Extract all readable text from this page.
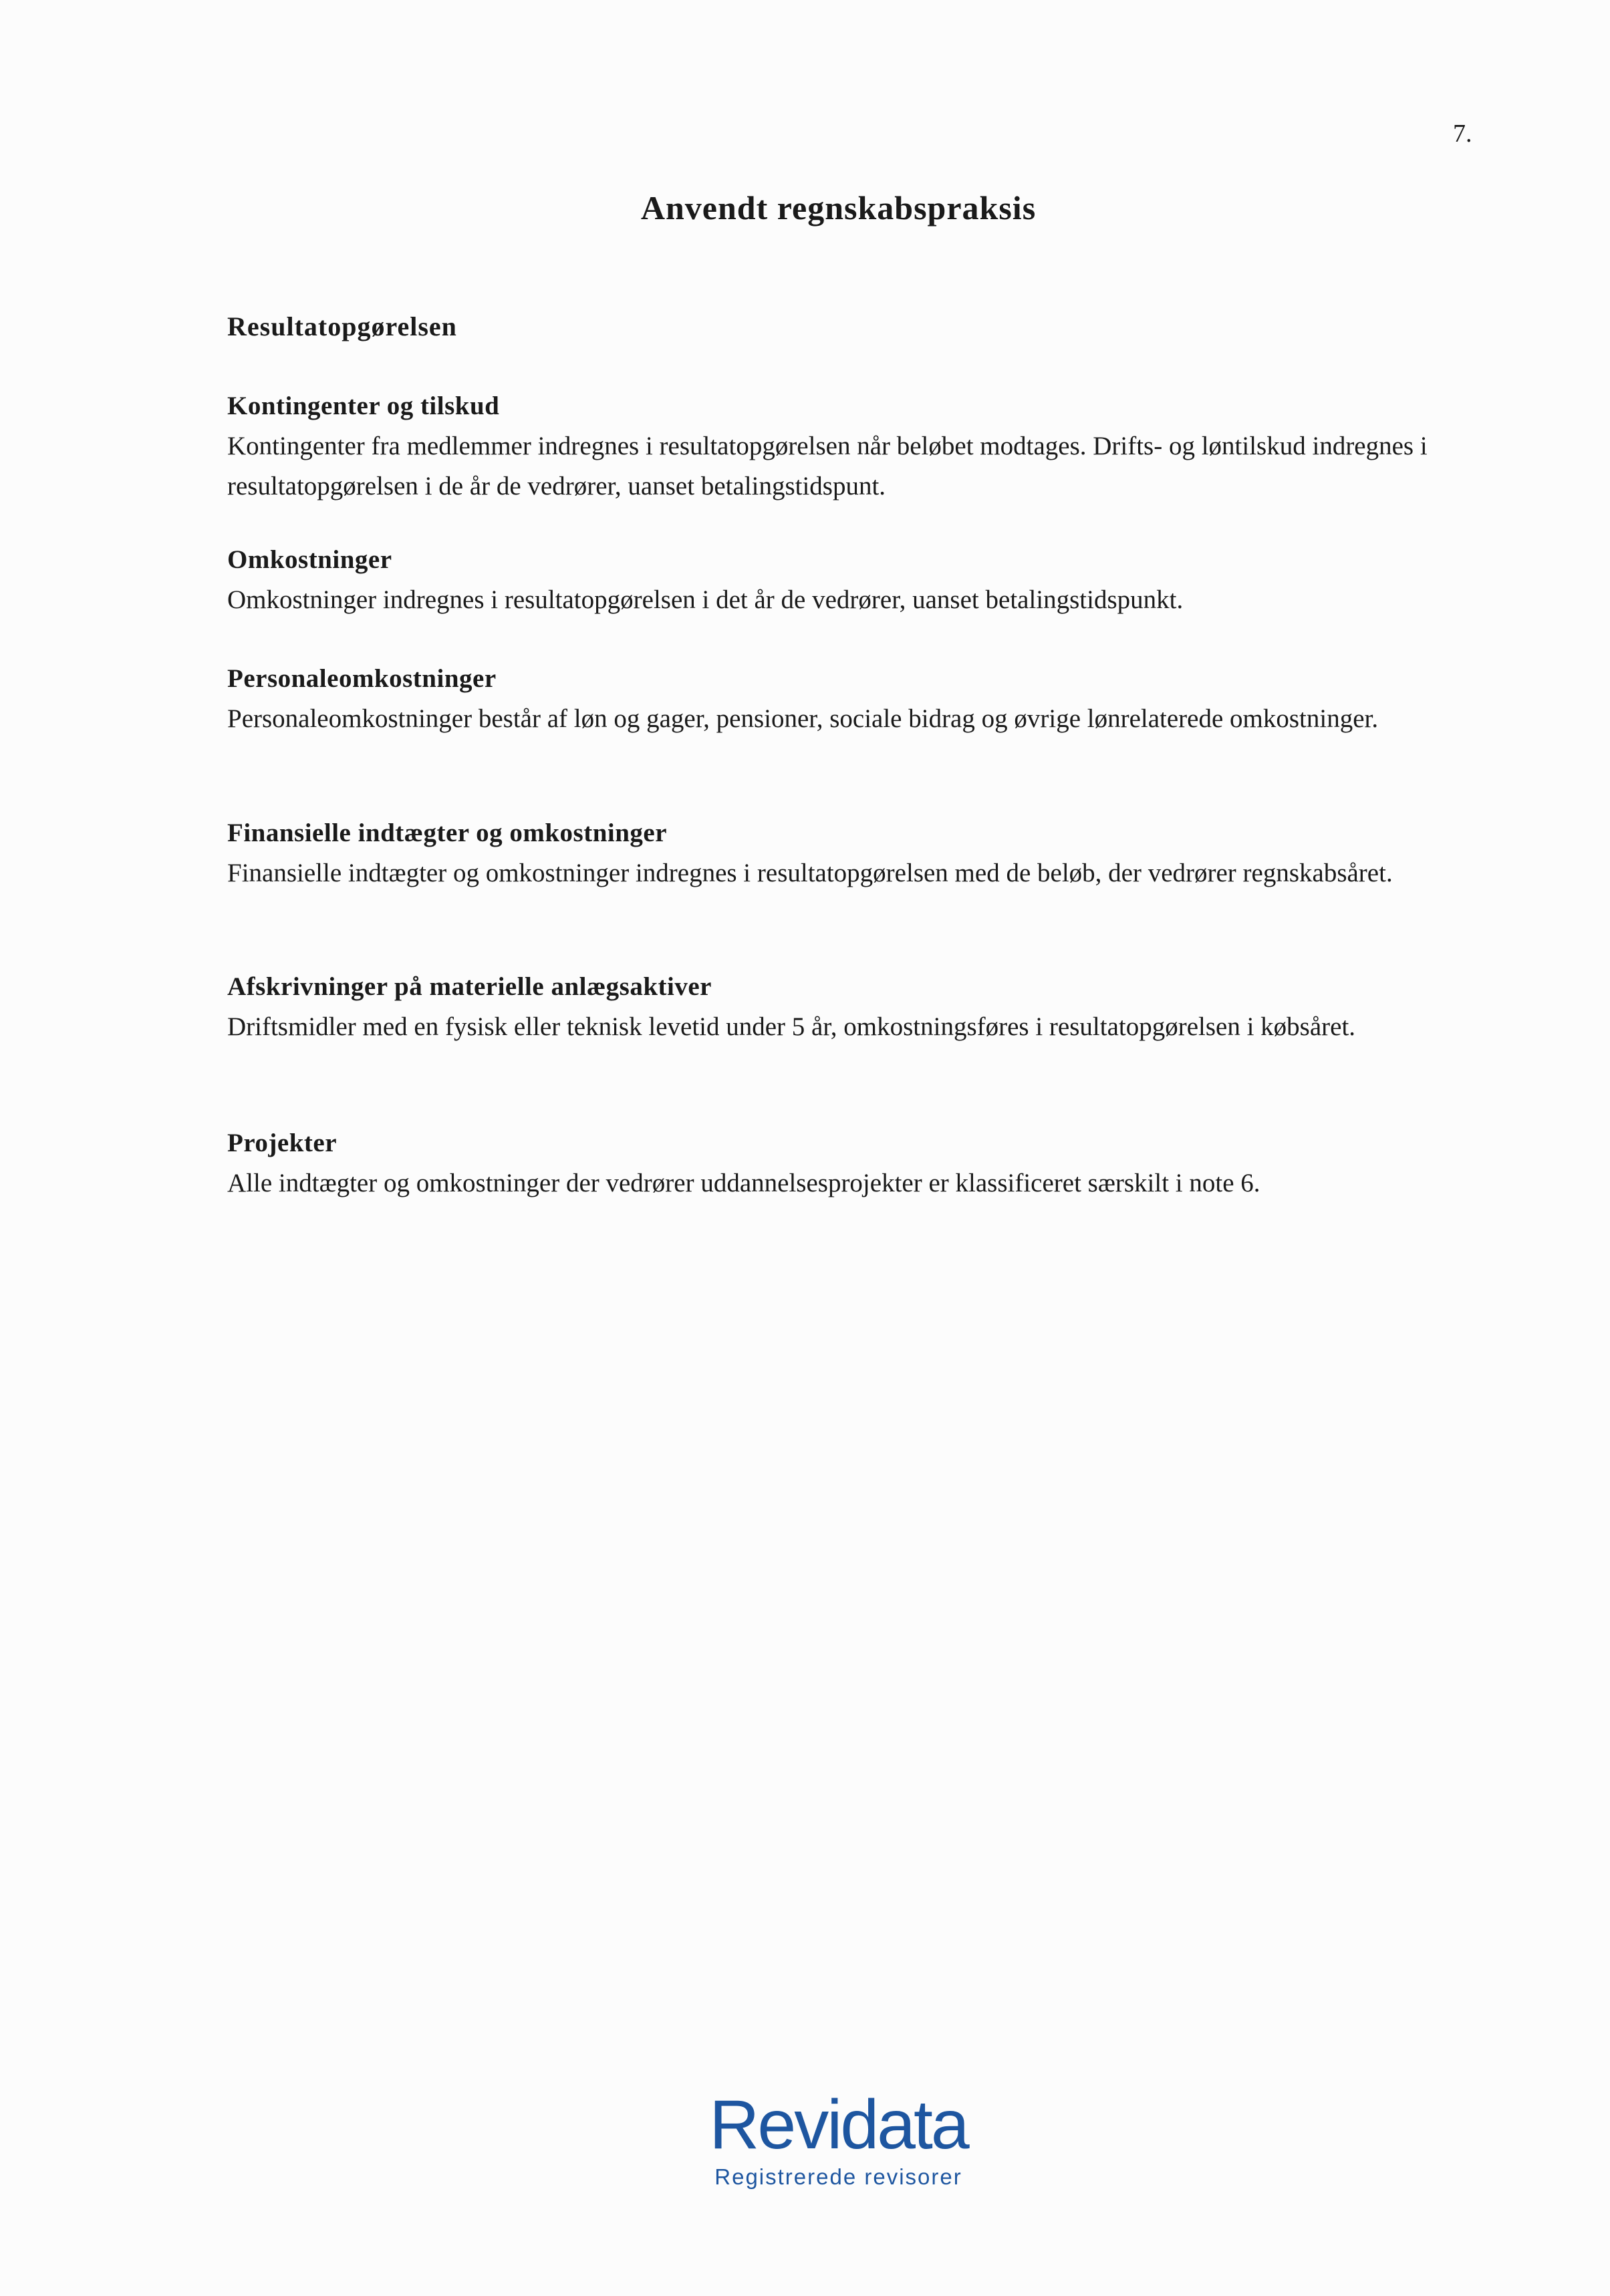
7.
Anvendt regnskabspraksis
Resultatopgørelsen
Kontingenter og tilskud

Kontingenter fra medlemmer indregnes i resultatopgørelsen når beløbet modtages. Drifts- og løntilskud indregnes i resultatopgørelsen i de år de vedrører, uanset betalingstidspunt.

Omkostninger

Omkostninger indregnes i resultatopgørelsen i det år de vedrører, uanset betalingstidspunkt.

Personaleomkostninger

Personaleomkostninger består af løn og gager, pensioner, sociale bidrag og øvrige lønrelaterede omkostninger.

Finansielle indtægter og omkostninger

Finansielle indtægter og omkostninger indregnes i resultatopgørelsen med de beløb, der vedrører regnskabsåret.

Afskrivninger på materielle anlægsaktiver

Driftsmidler med en fysisk eller teknisk levetid under 5 år, omkostningsføres i resultatopgørelsen i købsåret.

Projekter

Alle indtægter og omkostninger der vedrører uddannelsesprojekter er klassificeret særskilt i note 6.

Revidata
Registrerede revisorer
